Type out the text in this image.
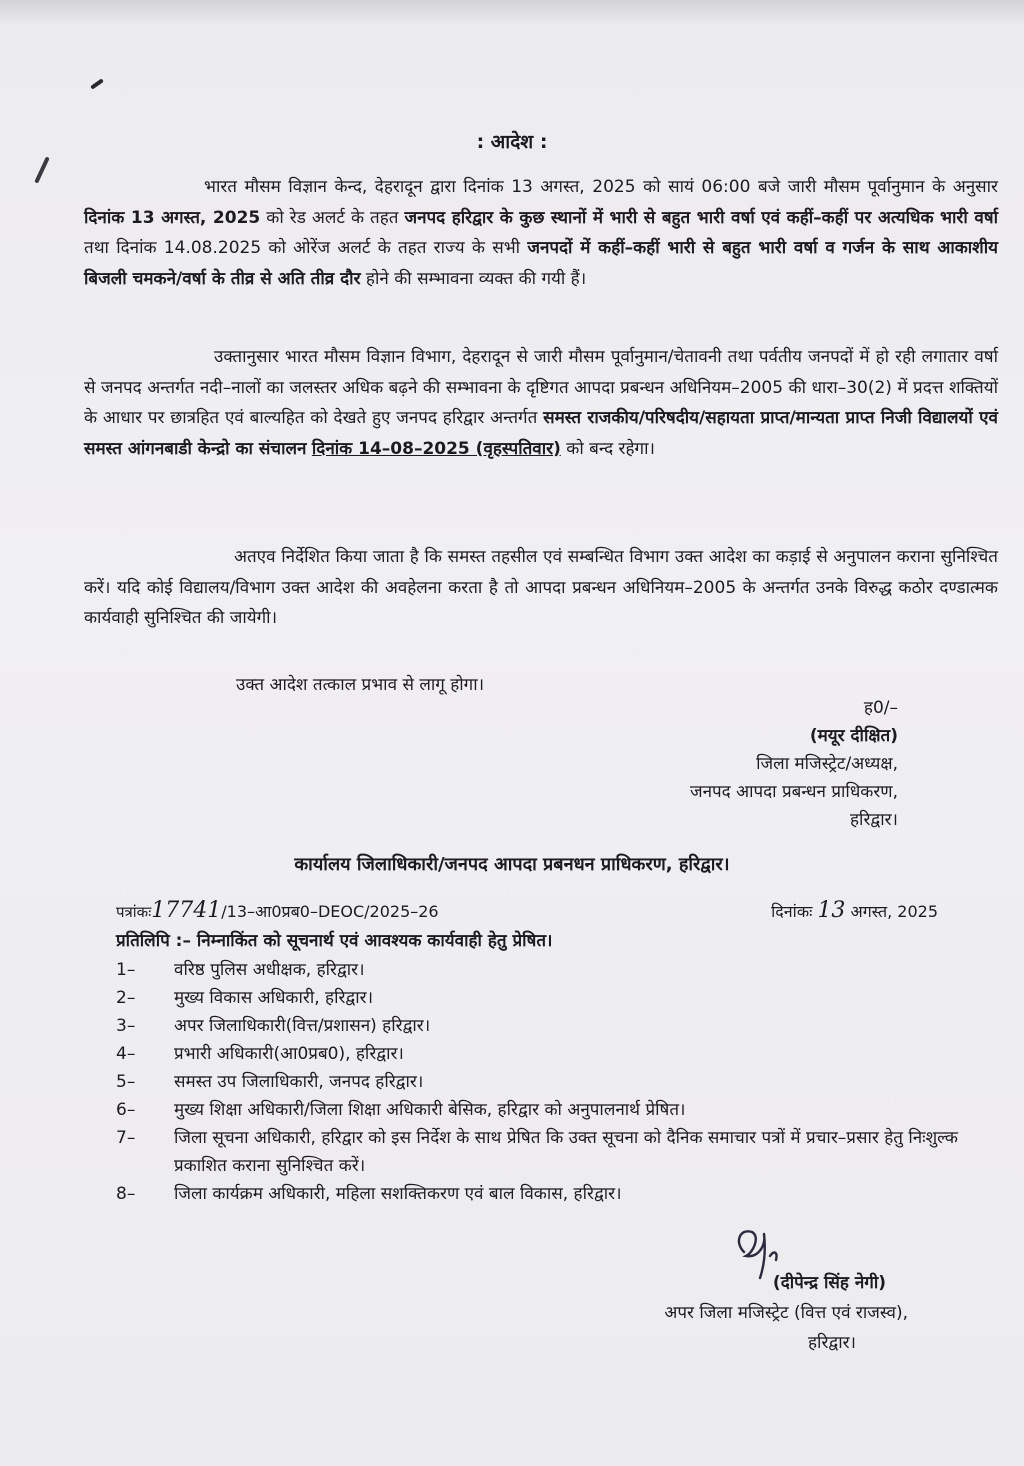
: आदेश :

भारत मौसम विज्ञान केन्द, देहरादून द्वारा दिनांक 13 अगस्त, 2025 को सायं 06:00 बजे जारी मौसम पूर्वानुमान के अनुसार दिनांक 13 अगस्त, 2025 को रेड अलर्ट के तहत जनपद हरिद्वार के कुछ स्थानों में भारी से बहुत भारी वर्षा एवं कहीं–कहीं पर अत्यधिक भारी वर्षा तथा दिनांक 14.08.2025 को ओरेंज अलर्ट के तहत राज्य के सभी जनपदों में कहीं–कहीं भारी से बहुत भारी वर्षा व गर्जन के साथ आकाशीय बिजली चमकने/वर्षा के तीव्र से अति तीव्र दौर होने की सम्भावना व्यक्त की गयी हैं।

उक्तानुसार भारत मौसम विज्ञान विभाग, देहरादून से जारी मौसम पूर्वानुमान/चेतावनी तथा पर्वतीय जनपदों में हो रही लगातार वर्षा से जनपद अन्तर्गत नदी–नालों का जलस्तर अधिक बढ़ने की सम्भावना के दृष्टिगत आपदा प्रबन्धन अधिनियम–2005 की धारा–30(2) में प्रदत्त शक्तियों के आधार पर छात्रहित एवं बाल्यहित को देखते हुए जनपद हरिद्वार अन्तर्गत समस्त राजकीय/परिषदीय/सहायता प्राप्त/मान्यता प्राप्त निजी विद्यालयों एवं समस्त आंगनबाडी केन्द्रो का संचालन दिनांक 14–08–2025 (वृहस्पतिवार) को बन्द रहेगा।

अतएव निर्देशित किया जाता है कि समस्त तहसील एवं सम्बन्धित विभाग उक्त आदेश का कड़ाई से अनुपालन कराना सुनिश्चित करें। यदि कोई विद्यालय/विभाग उक्त आदेश की अवहेलना करता है तो आपदा प्रबन्धन अधिनियम–2005 के अन्तर्गत उनके विरुद्ध कठोर दण्डात्मक कार्यवाही सुनिश्चित की जायेगी।

उक्त आदेश तत्काल प्रभाव से लागू होगा।
ह0/–
(मयूर दीक्षित)
जिला मजिस्ट्रेट/अध्यक्ष,
जनपद आपदा प्रबन्धन प्राधिकरण,
हरिद्वार।
कार्यालय जिलाधिकारी/जनपद आपदा प्रबनधन प्राधिकरण, हरिद्वार।
पत्रांकः17741/13–आ0प्रब0–DEOC/2025–26	दिनांकः 13 अगस्त, 2025
प्रतिलिपि :– निम्नाकिंत को सूचनार्थ एवं आवश्यक कार्यवाही हेतु प्रेषित।
1–	वरिष्ठ पुलिस अधीक्षक, हरिद्वार।
2–	मुख्य विकास अधिकारी, हरिद्वार।
3–	अपर जिलाधिकारी(वित्त/प्रशासन) हरिद्वार।
4–	प्रभारी अधिकारी(आ0प्रब0), हरिद्वार।
5–	समस्त उप जिलाधिकारी, जनपद हरिद्वार।
6–	मुख्य शिक्षा अधिकारी/जिला शिक्षा अधिकारी बेसिक, हरिद्वार को अनुपालनार्थ प्रेषित।
7–	जिला सूचना अधिकारी, हरिद्वार को इस निर्देश के साथ प्रेषित कि उक्त सूचना को दैनिक समाचार पत्रों में प्रचार–प्रसार हेतु निःशुल्क प्रकाशित कराना सुनिश्चित करें।
8–	जिला कार्यक्रम अधिकारी, महिला सशक्तिकरण एवं बाल विकास, हरिद्वार।
(दीपेन्द्र सिंह नेगी)
अपर जिला मजिस्ट्रेट (वित्त एवं राजस्व),
हरिद्वार।
